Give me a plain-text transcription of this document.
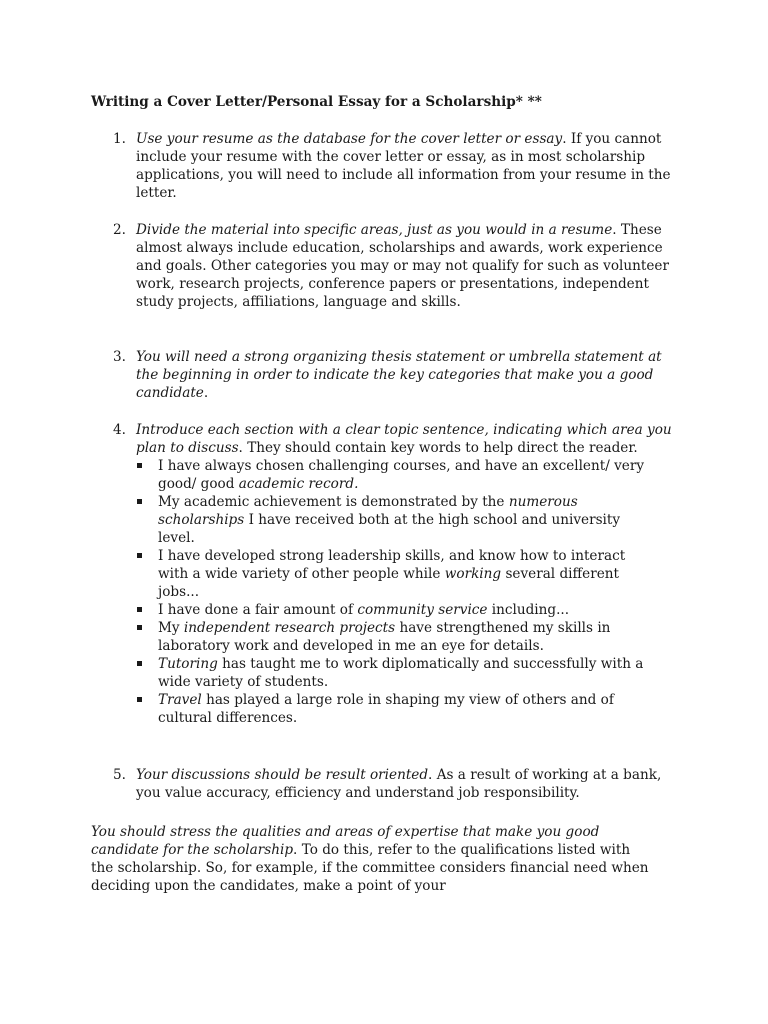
Writing a Cover Letter/Personal Essay for a Scholarship* **
1. Use your resume as the database for the cover letter or essay. If you cannot include your resume with the cover letter or essay, as in most scholarship applications, you will need to include all information from your resume in the letter.
2. Divide the material into specific areas, just as you would in a resume. These almost always include education, scholarships and awards, work experience and goals. Other categories you may or may not qualify for such as volunteer work, research projects, conference papers or presentations, independent study projects, affiliations, language and skills.
3. You will need a strong organizing thesis statement or umbrella statement at the beginning in order to indicate the key categories that make you a good candidate.
4. Introduce each section with a clear topic sentence, indicating which area you plan to discuss. They should contain key words to help direct the reader.
I have always chosen challenging courses, and have an excellent/ very good/ good academic record.
My academic achievement is demonstrated by the numerous scholarships I have received both at the high school and university level.
I have developed strong leadership skills, and know how to interact with a wide variety of other people while working several different jobs...
I have done a fair amount of community service including...
My independent research projects have strengthened my skills in laboratory work and developed in me an eye for details.
Tutoring has taught me to work diplomatically and successfully with a wide variety of students.
Travel has played a large role in shaping my view of others and of cultural differences.
5. Your discussions should be result oriented. As a result of working at a bank, you value accuracy, efficiency and understand job responsibility.
You should stress the qualities and areas of expertise that make you good candidate for the scholarship. To do this, refer to the qualifications listed with the scholarship. So, for example, if the committee considers financial need when deciding upon the candidates, make a point of your
